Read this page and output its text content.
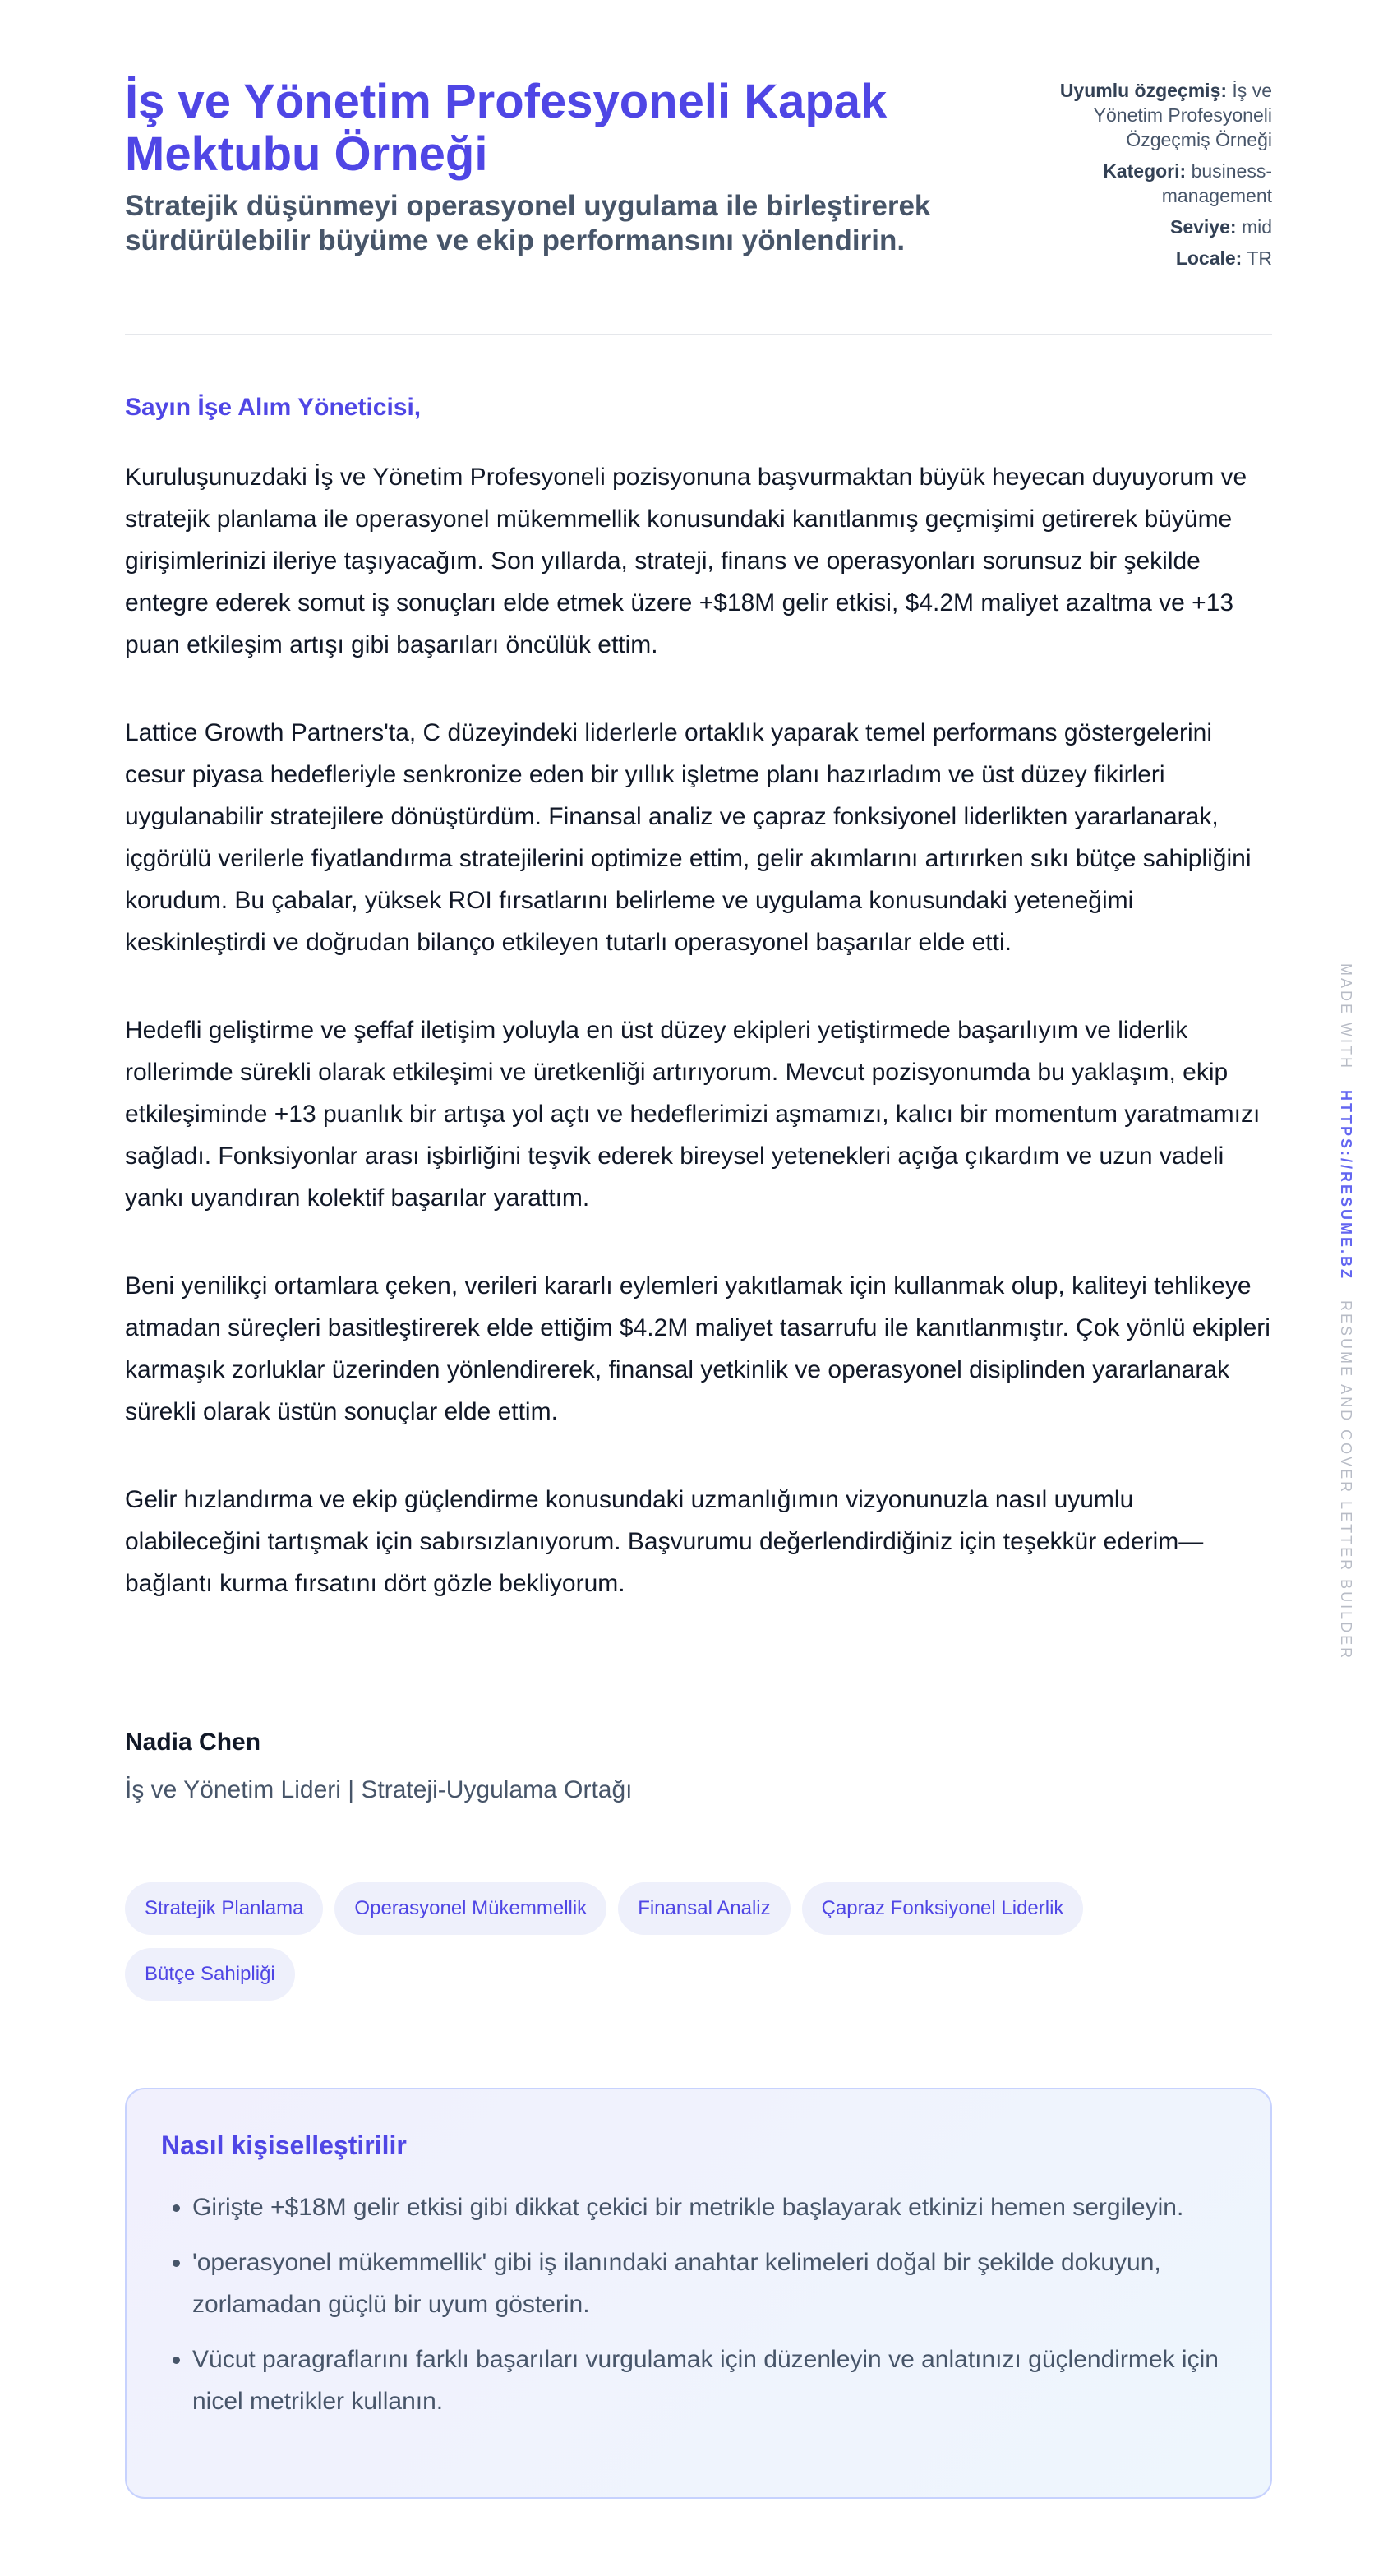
İş ve Yönetim Profesyoneli Kapak Mektubu Örneği
Stratejik düşünmeyi operasyonel uygulama ile birleştirerek sürdürülebilir büyüme ve ekip performansını yönlendirin.
Uyumlu özgeçmiş: İş ve Yönetim Profesyoneli Özgeçmiş Örneği
Kategori: business-management
Seviye: mid
Locale: TR

Sayın İşe Alım Yöneticisi,

Kuruluşunuzdaki İş ve Yönetim Profesyoneli pozisyonuna başvurmaktan büyük heyecan duyuyorum ve stratejik planlama ile operasyonel mükemmellik konusundaki kanıtlanmış geçmişimi getirerek büyüme girişimlerinizi ileriye taşıyacağım. Son yıllarda, strateji, finans ve operasyonları sorunsuz bir şekilde entegre ederek somut iş sonuçları elde etmek üzere +$18M gelir etkisi, $4.2M maliyet azaltma ve +13 puan etkileşim artışı gibi başarıları öncülük ettim.

Lattice Growth Partners'ta, C düzeyindeki liderlerle ortaklık yaparak temel performans göstergelerini cesur piyasa hedefleriyle senkronize eden bir yıllık işletme planı hazırladım ve üst düzey fikirleri uygulanabilir stratejilere dönüştürdüm. Finansal analiz ve çapraz fonksiyonel liderlikten yararlanarak, içgörülü verilerle fiyatlandırma stratejilerini optimize ettim, gelir akımlarını artırırken sıkı bütçe sahipliğini korudum. Bu çabalar, yüksek ROI fırsatlarını belirleme ve uygulama konusundaki yeteneğimi keskinleştirdi ve doğrudan bilanço etkileyen tutarlı operasyonel başarılar elde etti.

Hedefli geliştirme ve şeffaf iletişim yoluyla en üst düzey ekipleri yetiştirmede başarılıyım ve liderlik rollerimde sürekli olarak etkileşimi ve üretkenliği artırıyorum. Mevcut pozisyonumda bu yaklaşım, ekip etkileşiminde +13 puanlık bir artışa yol açtı ve hedeflerimizi aşmamızı, kalıcı bir momentum yaratmamızı sağladı. Fonksiyonlar arası işbirliğini teşvik ederek bireysel yetenekleri açığa çıkardım ve uzun vadeli yankı uyandıran kolektif başarılar yarattım.

Beni yenilikçi ortamlara çeken, verileri kararlı eylemleri yakıtlamak için kullanmak olup, kaliteyi tehlikeye atmadan süreçleri basitleştirerek elde ettiğim $4.2M maliyet tasarrufu ile kanıtlanmıştır. Çok yönlü ekipleri karmaşık zorluklar üzerinden yönlendirerek, finansal yetkinlik ve operasyonel disiplinden yararlanarak sürekli olarak üstün sonuçlar elde ettim.

Gelir hızlandırma ve ekip güçlendirme konusundaki uzmanlığımın vizyonunuzla nasıl uyumlu olabileceğini tartışmak için sabırsızlanıyorum. Başvurumu değerlendirdiğiniz için teşekkür ederim—bağlantı kurma fırsatını dört gözle bekliyorum.

Nadia Chen
İş ve Yönetim Lideri | Strateji-Uygulama Ortağı
Stratejik Planlama	Operasyonel Mükemmellik	Finansal Analiz	Çapraz Fonksiyonel LiderlikBütçe Sahipliği
Nasıl kişiselleştirilir
• Girişte +$18M gelir etkisi gibi dikkat çekici bir metrikle başlayarak etkinizi hemen sergileyin.
• 'operasyonel mükemmellik' gibi iş ilanındaki anahtar kelimeleri doğal bir şekilde dokuyun, zorlamadan güçlü bir uyum gösterin.
• Vücut paragraflarını farklı başarıları vurgulamak için düzenleyin ve anlatınızı güçlendirmek için nicel metrikler kullanın.
MADE WITH   HTTPS://RESUME.BZ   RESUME AND COVER LETTER BUILDER
